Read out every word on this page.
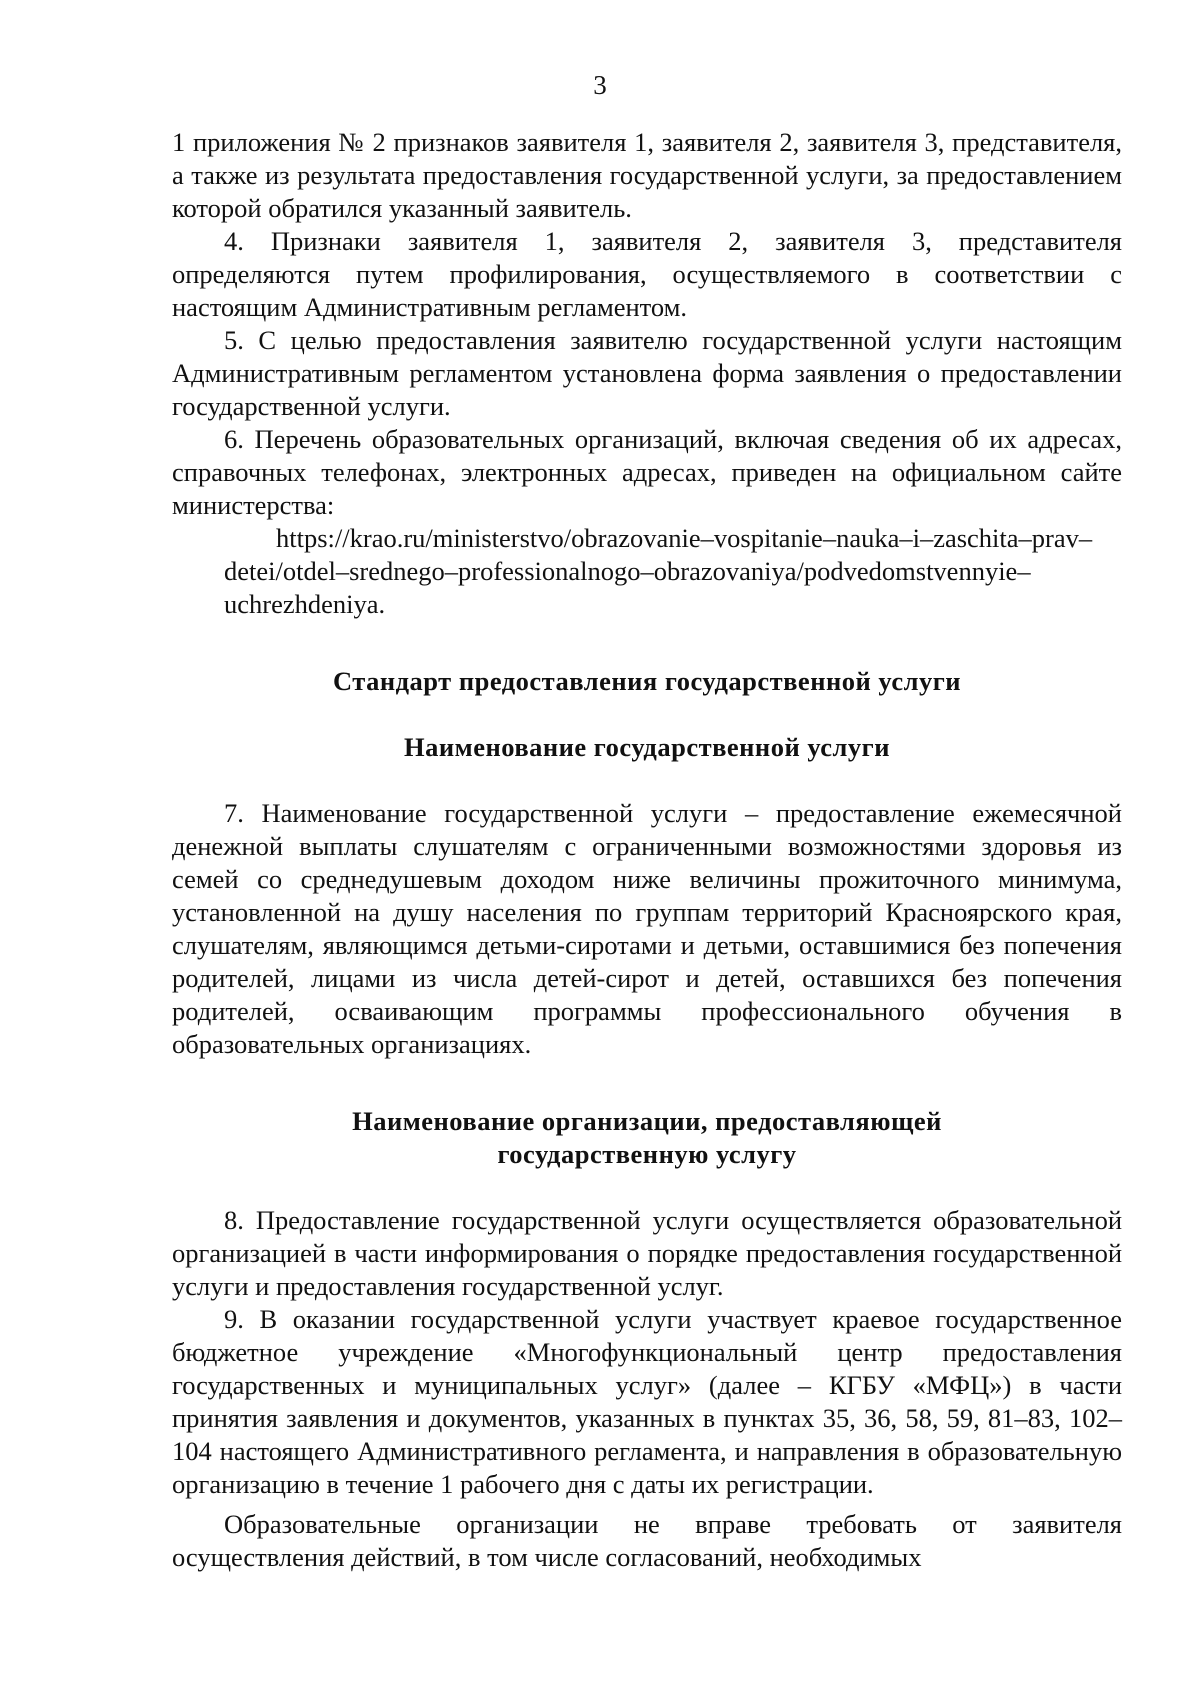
3

1 приложения № 2 признаков заявителя 1, заявителя 2, заявителя 3, представителя, а также из результата предоставления государственной услуги, за предоставлением которой обратился указанный заявитель.

4. Признаки заявителя 1, заявителя 2, заявителя 3, представителя определяются путем профилирования, осуществляемого в соответствии с настоящим Административным регламентом.

5. С целью предоставления заявителю государственной услуги настоящим Административным регламентом установлена форма заявления о предоставлении государственной услуги.

6. Перечень образовательных организаций, включая сведения об их адресах, справочных телефонах, электронных адресах, приведен на официальном сайте министерства:

https://krao.ru/ministerstvo/obrazovanie–vospitanie–nauka–i–zaschita–prav–
detei/otdel–srednego–professionalnogo–obrazovaniya/podvedomstvennyie–
uchrezhdeniya.

Стандарт предоставления государственной услуги

Наименование государственной услуги

7. Наименование государственной услуги – предоставление ежемесячной денежной выплаты слушателям с ограниченными возможностями здоровья из семей со среднедушевым доходом ниже величины прожиточного минимума, установленной на душу населения по группам территорий Красноярского края, слушателям, являющимся детьми-сиротами и детьми, оставшимися без попечения родителей, лицами из числа детей-сирот и детей, оставшихся без попечения родителей, осваивающим программы профессионального обучения в образовательных организациях.

Наименование организации, предоставляющей
государственную услугу

8. Предоставление государственной услуги осуществляется образовательной организацией в части информирования о порядке предоставления государственной услуги и предоставления государственной услуг.

9. В оказании государственной услуги участвует краевое государственное бюджетное учреждение «Многофункциональный центр предоставления государственных и муниципальных услуг» (далее – КГБУ «МФЦ») в части принятия заявления и документов, указанных в пунктах 35, 36, 58, 59, 81–83, 102–104 настоящего Административного регламента, и направления в образовательную организацию в течение 1 рабочего дня с даты их регистрации.

Образовательные организации не вправе требовать от заявителя осуществления действий, в том числе согласований, необходимых
